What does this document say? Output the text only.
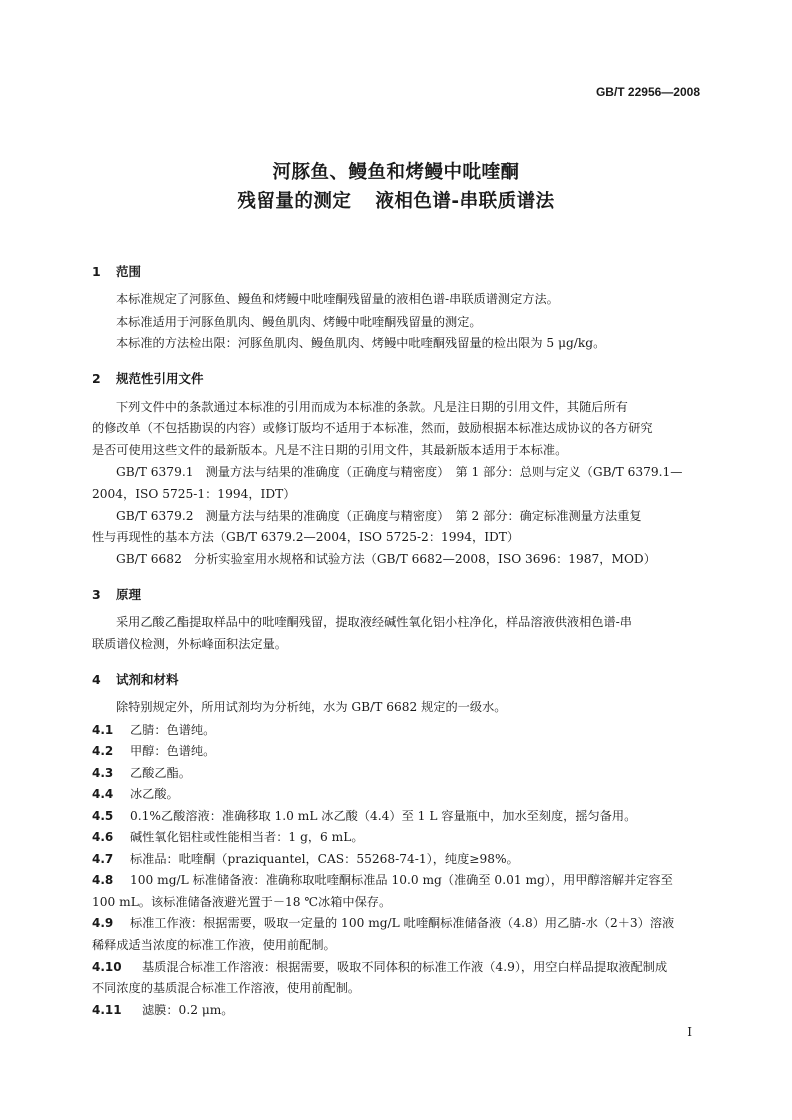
GB/T 22956—2008
河豚鱼、鳗鱼和烤鳗中吡喹酮
残留量的测定 液相色谱-串联质谱法
1 范围
本标准规定了河豚鱼、鳗鱼和烤鳗中吡喹酮残留量的液相色谱-串联质谱测定方法。
本标准适用于河豚鱼肌肉、鳗鱼肌肉、烤鳗中吡喹酮残留量的测定。
本标准的方法检出限：河豚鱼肌肉、鳗鱼肌肉、烤鳗中吡喹酮残留量的检出限为 5 μg/kg。
2 规范性引用文件
下列文件中的条款通过本标准的引用而成为本标准的条款。凡是注日期的引用文件，其随后所有
的修改单（不包括勘误的内容）或修订版均不适用于本标准，然而，鼓励根据本标准达成协议的各方研究
是否可使用这些文件的最新版本。凡是不注日期的引用文件，其最新版本适用于本标准。
GB/T 6379.1　测量方法与结果的准确度（正确度与精密度）　第 1 部分：总则与定义（GB/T 6379.1—
2004，ISO 5725-1：1994，IDT）
GB/T 6379.2　测量方法与结果的准确度（正确度与精密度）　第 2 部分：确定标准测量方法重复
性与再现性的基本方法（GB/T 6379.2—2004，ISO 5725-2：1994，IDT）
GB/T 6682　分析实验室用水规格和试验方法（GB/T 6682—2008，ISO 3696：1987，MOD）
3 原理
采用乙酸乙酯提取样品中的吡喹酮残留，提取液经碱性氧化铝小柱净化，样品溶液供液相色谱-串
联质谱仪检测，外标峰面积法定量。
4 试剂和材料
除特别规定外，所用试剂均为分析纯，水为 GB/T 6682 规定的一级水。
4.1 乙腈：色谱纯。
4.2 甲醇：色谱纯。
4.3 乙酸乙酯。
4.4 冰乙酸。
4.5 0.1%乙酸溶液：准确移取 1.0 mL 冰乙酸（4.4）至 1 L 容量瓶中，加水至刻度，摇匀备用。
4.6 碱性氧化铝柱或性能相当者：1 g，6 mL。
4.7 标准品：吡喹酮（praziquantel，CAS：55268-74-1），纯度≥98%。
4.8 100 mg/L 标准储备液：准确称取吡喹酮标准品 10.0 mg（准确至 0.01 mg），用甲醇溶解并定容至
100 mL。该标准储备液避光置于－18 ℃冰箱中保存。
4.9 标准工作液：根据需要，吸取一定量的 100 mg/L 吡喹酮标准储备液（4.8）用乙腈-水（2＋3）溶液
稀释成适当浓度的标准工作液，使用前配制。
4.10 基质混合标准工作溶液：根据需要，吸取不同体积的标准工作液（4.9），用空白样品提取液配制成
不同浓度的基质混合标准工作溶液，使用前配制。
4.11 滤膜：0.2 μm。
I
